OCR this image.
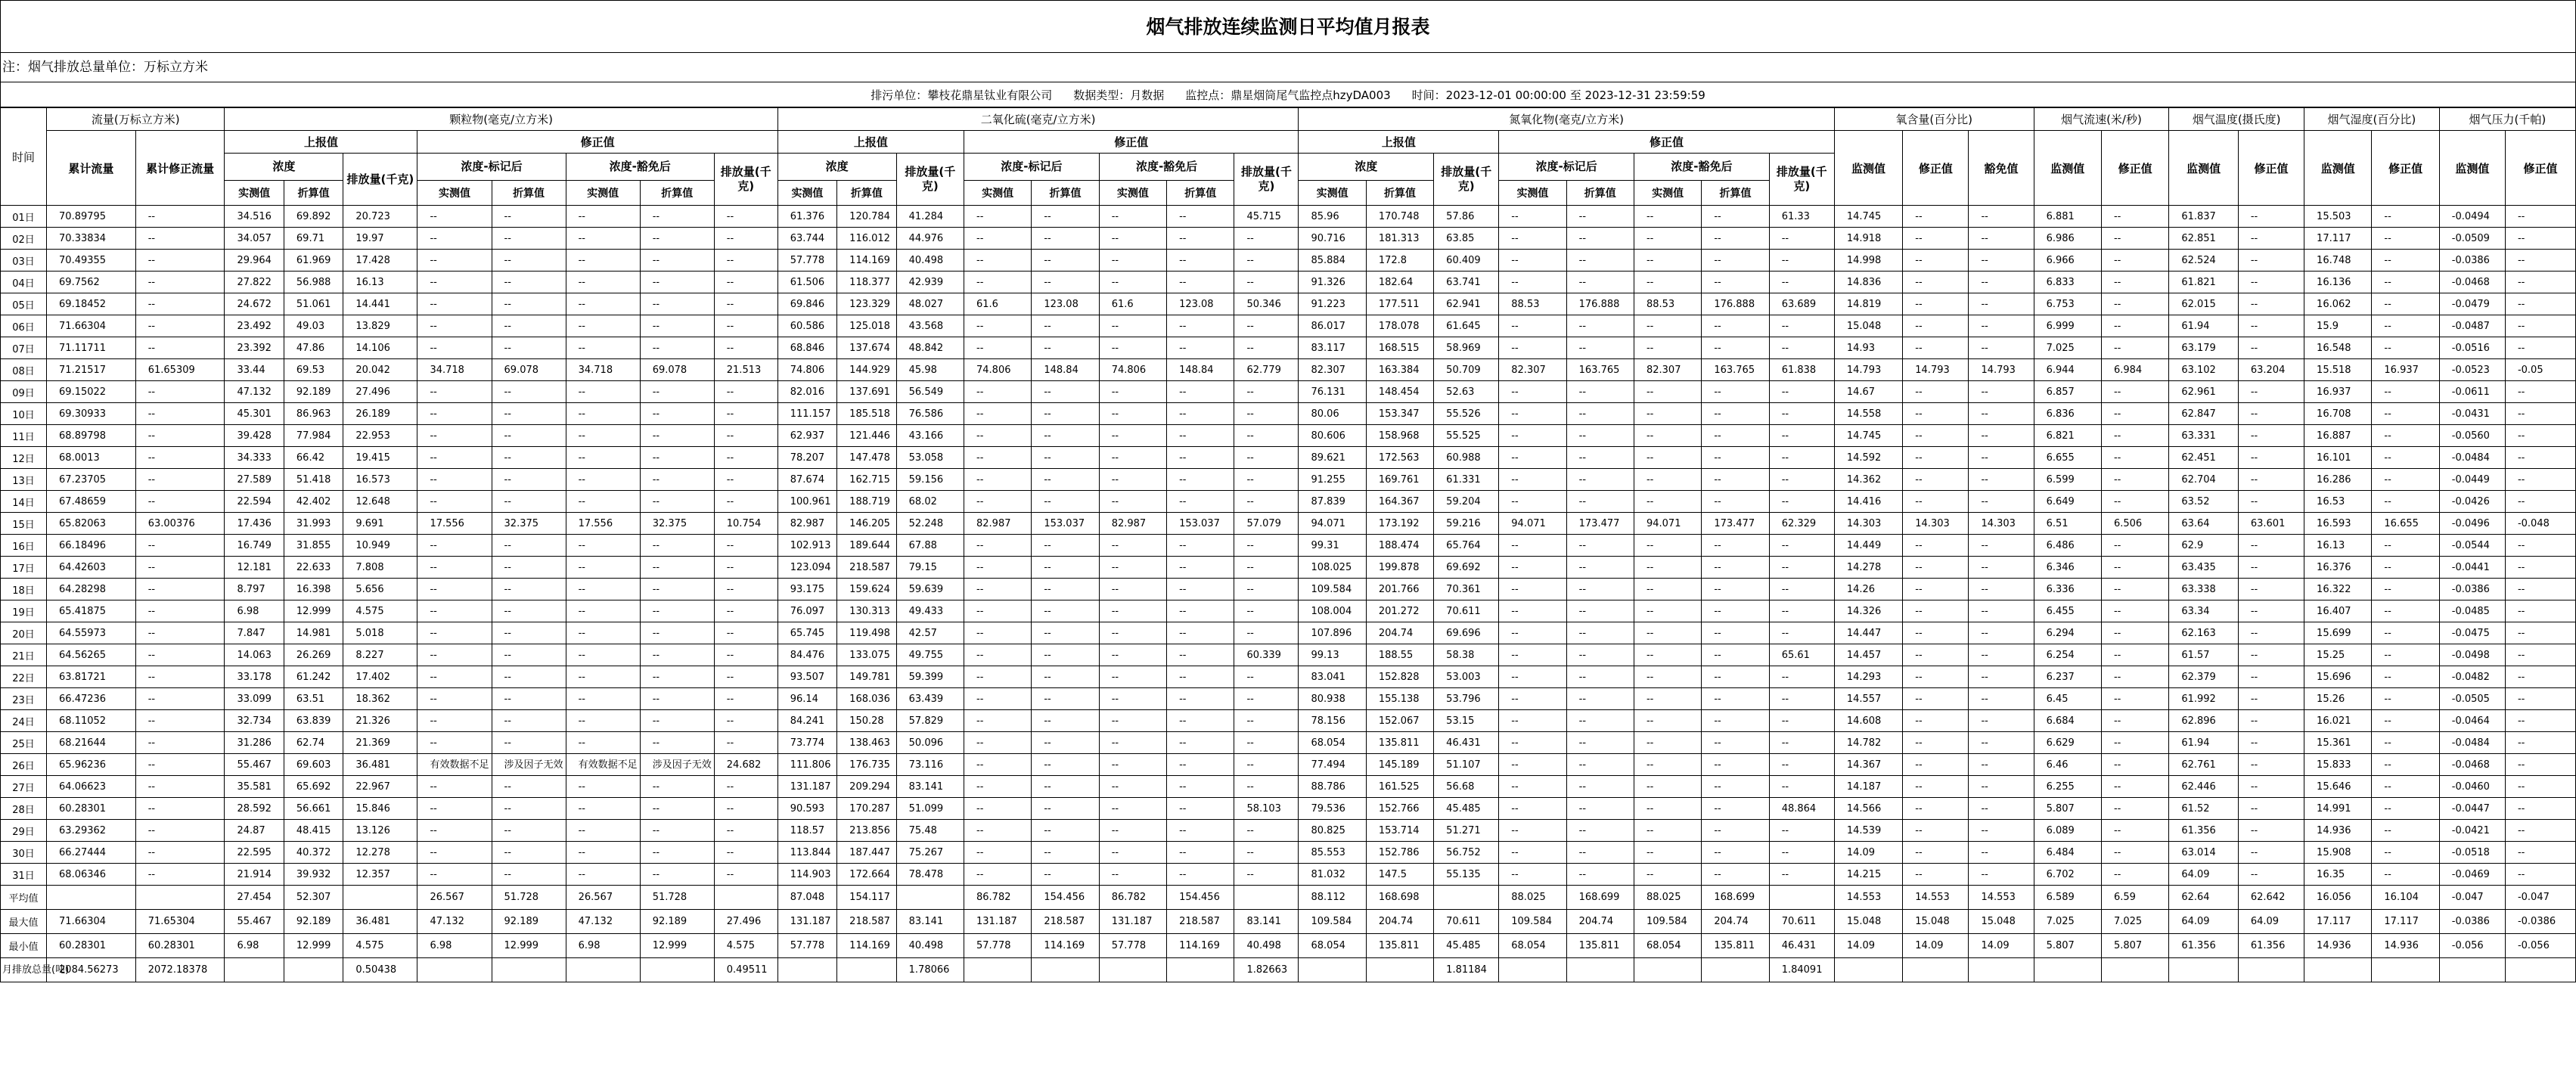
烟气排放连续监测日平均值月报表
注：烟气排放总量单位：万标立方米
排污单位：攀枝花鼎星钛业有限公司 数据类型：月数据 监控点：鼎星烟筒尾气监控点hzyDA003 时间：2023-12-01 00:00:00 至 2023-12-31 23:59:59
时间	流量(万标立方米)		颗粒物(毫克/立方米)								二氧化硫(毫克/立方米)								氮氧化物(毫克/立方米)								氧含量(百分比)			烟气流速(米/秒)		烟气温度(摄氏度)		烟气湿度(百分比)		烟气压力(千帕)	
	累计流量	累计修正流量	上报值			修正值					上报值			修正值					上报值			修正值					监测值	修正值	豁免值	监测值	修正值	监测值	修正值	监测值	修正值	监测值	修正值
			浓度		排放量(千克)	浓度-标记后		浓度-豁免后		排放量(千克)	浓度		排放量(千克)	浓度-标记后		浓度-豁免后		排放量(千克)	浓度		排放量(千克)	浓度-标记后		浓度-豁免后		排放量(千克)											
			实测值	折算值		实测值	折算值	实测值	折算值		实测值	折算值		实测值	折算值	实测值	折算值		实测值	折算值		实测值	折算值	实测值	折算值												
01日	70.89795	--	34.516	69.892	20.723	--	--	--	--	--	61.376	120.784	41.284	--	--	--	--	45.715	85.96	170.748	57.86	--	--	--	--	61.33	14.745	--	--	6.881	--	61.837	--	15.503	--	-0.0494	--
02日	70.33834	--	34.057	69.71	19.97	--	--	--	--	--	63.744	116.012	44.976	--	--	--	--	--	90.716	181.313	63.85	--	--	--	--	--	14.918	--	--	6.986	--	62.851	--	17.117	--	-0.0509	--
03日	70.49355	--	29.964	61.969	17.428	--	--	--	--	--	57.778	114.169	40.498	--	--	--	--	--	85.884	172.8	60.409	--	--	--	--	--	14.998	--	--	6.966	--	62.524	--	16.748	--	-0.0386	--
04日	69.7562	--	27.822	56.988	16.13	--	--	--	--	--	61.506	118.377	42.939	--	--	--	--	--	91.326	182.64	63.741	--	--	--	--	--	14.836	--	--	6.833	--	61.821	--	16.136	--	-0.0468	--
05日	69.18452	--	24.672	51.061	14.441	--	--	--	--	--	69.846	123.329	48.027	61.6	123.08	61.6	123.08	50.346	91.223	177.511	62.941	88.53	176.888	88.53	176.888	63.689	14.819	--	--	6.753	--	62.015	--	16.062	--	-0.0479	--
06日	71.66304	--	23.492	49.03	13.829	--	--	--	--	--	60.586	125.018	43.568	--	--	--	--	--	86.017	178.078	61.645	--	--	--	--	--	15.048	--	--	6.999	--	61.94	--	15.9	--	-0.0487	--
07日	71.11711	--	23.392	47.86	14.106	--	--	--	--	--	68.846	137.674	48.842	--	--	--	--	--	83.117	168.515	58.969	--	--	--	--	--	14.93	--	--	7.025	--	63.179	--	16.548	--	-0.0516	--
08日	71.21517	61.65309	33.44	69.53	20.042	34.718	69.078	34.718	69.078	21.513	74.806	144.929	45.98	74.806	148.84	74.806	148.84	62.779	82.307	163.384	50.709	82.307	163.765	82.307	163.765	61.838	14.793	14.793	14.793	6.944	6.984	63.102	63.204	15.518	16.937	-0.0523	-0.05
09日	69.15022	--	47.132	92.189	27.496	--	--	--	--	--	82.016	137.691	56.549	--	--	--	--	--	76.131	148.454	52.63	--	--	--	--	--	14.67	--	--	6.857	--	62.961	--	16.937	--	-0.0611	--
10日	69.30933	--	45.301	86.963	26.189	--	--	--	--	--	111.157	185.518	76.586	--	--	--	--	--	80.06	153.347	55.526	--	--	--	--	--	14.558	--	--	6.836	--	62.847	--	16.708	--	-0.0431	--
11日	68.89798	--	39.428	77.984	22.953	--	--	--	--	--	62.937	121.446	43.166	--	--	--	--	--	80.606	158.968	55.525	--	--	--	--	--	14.745	--	--	6.821	--	63.331	--	16.887	--	-0.0560	--
12日	68.0013	--	34.333	66.42	19.415	--	--	--	--	--	78.207	147.478	53.058	--	--	--	--	--	89.621	172.563	60.988	--	--	--	--	--	14.592	--	--	6.655	--	62.451	--	16.101	--	-0.0484	--
13日	67.23705	--	27.589	51.418	16.573	--	--	--	--	--	87.674	162.715	59.156	--	--	--	--	--	91.255	169.761	61.331	--	--	--	--	--	14.362	--	--	6.599	--	62.704	--	16.286	--	-0.0449	--
14日	67.48659	--	22.594	42.402	12.648	--	--	--	--	--	100.961	188.719	68.02	--	--	--	--	--	87.839	164.367	59.204	--	--	--	--	--	14.416	--	--	6.649	--	63.52	--	16.53	--	-0.0426	--
15日	65.82063	63.00376	17.436	31.993	9.691	17.556	32.375	17.556	32.375	10.754	82.987	146.205	52.248	82.987	153.037	82.987	153.037	57.079	94.071	173.192	59.216	94.071	173.477	94.071	173.477	62.329	14.303	14.303	14.303	6.51	6.506	63.64	63.601	16.593	16.655	-0.0496	-0.048
16日	66.18496	--	16.749	31.855	10.949	--	--	--	--	--	102.913	189.644	67.88	--	--	--	--	--	99.31	188.474	65.764	--	--	--	--	--	14.449	--	--	6.486	--	62.9	--	16.13	--	-0.0544	--
17日	64.42603	--	12.181	22.633	7.808	--	--	--	--	--	123.094	218.587	79.15	--	--	--	--	--	108.025	199.878	69.692	--	--	--	--	--	14.278	--	--	6.346	--	63.435	--	16.376	--	-0.0441	--
18日	64.28298	--	8.797	16.398	5.656	--	--	--	--	--	93.175	159.624	59.639	--	--	--	--	--	109.584	201.766	70.361	--	--	--	--	--	14.26	--	--	6.336	--	63.338	--	16.322	--	-0.0386	--
19日	65.41875	--	6.98	12.999	4.575	--	--	--	--	--	76.097	130.313	49.433	--	--	--	--	--	108.004	201.272	70.611	--	--	--	--	--	14.326	--	--	6.455	--	63.34	--	16.407	--	-0.0485	--
20日	64.55973	--	7.847	14.981	5.018	--	--	--	--	--	65.745	119.498	42.57	--	--	--	--	--	107.896	204.74	69.696	--	--	--	--	--	14.447	--	--	6.294	--	62.163	--	15.699	--	-0.0475	--
21日	64.56265	--	14.063	26.269	8.227	--	--	--	--	--	84.476	133.075	49.755	--	--	--	--	60.339	99.13	188.55	58.38	--	--	--	--	65.61	14.457	--	--	6.254	--	61.57	--	15.25	--	-0.0498	--
22日	63.81721	--	33.178	61.242	17.402	--	--	--	--	--	93.507	149.781	59.399	--	--	--	--	--	83.041	152.828	53.003	--	--	--	--	--	14.293	--	--	6.237	--	62.379	--	15.696	--	-0.0482	--
23日	66.47236	--	33.099	63.51	18.362	--	--	--	--	--	96.14	168.036	63.439	--	--	--	--	--	80.938	155.138	53.796	--	--	--	--	--	14.557	--	--	6.45	--	61.992	--	15.26	--	-0.0505	--
24日	68.11052	--	32.734	63.839	21.326	--	--	--	--	--	84.241	150.28	57.829	--	--	--	--	--	78.156	152.067	53.15	--	--	--	--	--	14.608	--	--	6.684	--	62.896	--	16.021	--	-0.0464	--
25日	68.21644	--	31.286	62.74	21.369	--	--	--	--	--	73.774	138.463	50.096	--	--	--	--	--	68.054	135.811	46.431	--	--	--	--	--	14.782	--	--	6.629	--	61.94	--	15.361	--	-0.0484	--
26日	65.96236	--	55.467	69.603	36.481	有效数据不足	涉及因子无效	有效数据不足	涉及因子无效	24.682	111.806	176.735	73.116	--	--	--	--	--	77.494	145.189	51.107	--	--	--	--	--	14.367	--	--	6.46	--	62.761	--	15.833	--	-0.0468	--
27日	64.06623	--	35.581	65.692	22.967	--	--	--	--	--	131.187	209.294	83.141	--	--	--	--	--	88.786	161.525	56.68	--	--	--	--	--	14.187	--	--	6.255	--	62.446	--	15.646	--	-0.0460	--
28日	60.28301	--	28.592	56.661	15.846	--	--	--	--	--	90.593	170.287	51.099	--	--	--	--	58.103	79.536	152.766	45.485	--	--	--	--	48.864	14.566	--	--	5.807	--	61.52	--	14.991	--	-0.0447	--
29日	63.29362	--	24.87	48.415	13.126	--	--	--	--	--	118.57	213.856	75.48	--	--	--	--	--	80.825	153.714	51.271	--	--	--	--	--	14.539	--	--	6.089	--	61.356	--	14.936	--	-0.0421	--
30日	66.27444	--	22.595	40.372	12.278	--	--	--	--	--	113.844	187.447	75.267	--	--	--	--	--	85.553	152.786	56.752	--	--	--	--	--	14.09	--	--	6.484	--	63.014	--	15.908	--	-0.0518	--
31日	68.06346	--	21.914	39.932	12.357	--	--	--	--	--	114.903	172.664	78.478	--	--	--	--	--	81.032	147.5	55.135	--	--	--	--	--	14.215	--	--	6.702	--	64.09	--	16.35	--	-0.0469	--
平均值			27.454	52.307		26.567	51.728	26.567	51.728		87.048	154.117		86.782	154.456	86.782	154.456		88.112	168.698		88.025	168.699	88.025	168.699		14.553	14.553	14.553	6.589	6.59	62.64	62.642	16.056	16.104	-0.047	-0.047
最大值	71.66304	71.65304	55.467	92.189	36.481	47.132	92.189	47.132	92.189	27.496	131.187	218.587	83.141	131.187	218.587	131.187	218.587	83.141	109.584	204.74	70.611	109.584	204.74	109.584	204.74	70.611	15.048	15.048	15.048	7.025	7.025	64.09	64.09	17.117	17.117	-0.0386	-0.0386
最小值	60.28301	60.28301	6.98	12.999	4.575	6.98	12.999	6.98	12.999	4.575	57.778	114.169	40.498	57.778	114.169	57.778	114.169	40.498	68.054	135.811	45.485	68.054	135.811	68.054	135.811	46.431	14.09	14.09	14.09	5.807	5.807	61.356	61.356	14.936	14.936	-0.056	-0.056
月排放总量(吨)	2084.56273	2072.18378			0.50438					0.49511			1.78066					1.82663			1.81184					1.84091											
